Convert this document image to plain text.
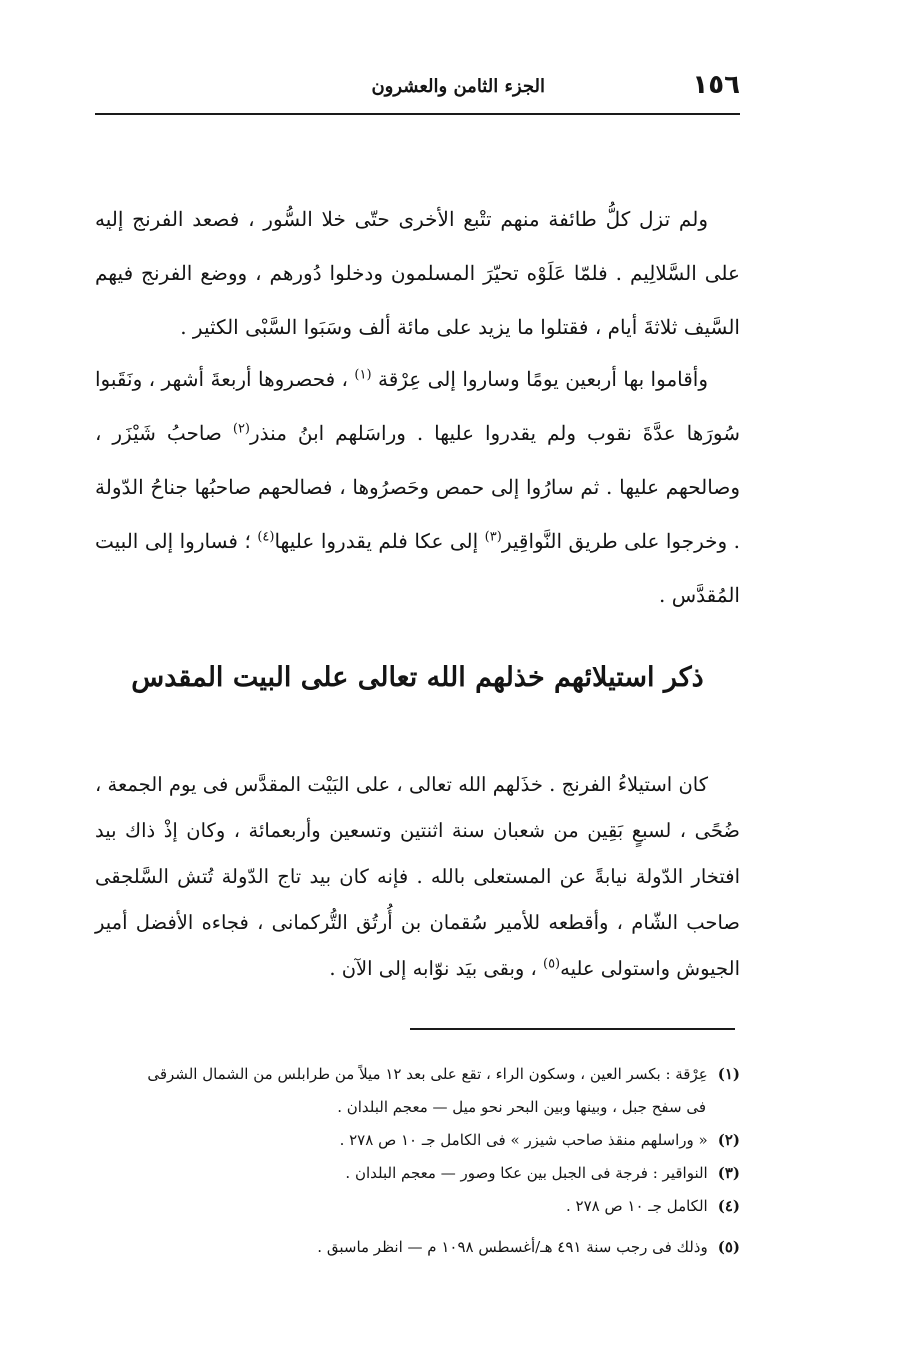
١٥٦
الجزء الثامن والعشرون

ولم تزل كلُّ طائفة منهم تتْبع الأخرى حتّى خلا السُّور ، فصعد الفرنج إليه على السَّلالِيم . فلمّا عَلَوْه تحيّرَ المسلمون ودخلوا دُورهم ، ووضع الفرنج فيهم السَّيف ثلاثةَ أيام ، فقتلوا ما يزيد على مائة ألف وسَبَوا السَّبْى الكثير .

وأقاموا بها أربعين يومًا وساروا إلى عِرْقة $^{(١)}$ ، فحصروها أربعةَ أشهر ، ونَقَبوا سُورَها عدَّةَ نقوب ولم يقدروا عليها . وراسَلهم ابنُ منذر$^{(٢)}$ صاحبُ شَيْزَر ، وصالحهم عليها . ثم سارُوا إلى حمص وحَصرُوها ، فصالحهم صاحبُها جناحُ الدّولة . وخرجوا على طريق النَّواقِير$^{(٣)}$ إلى عكا فلم يقدروا عليها$^{(٤)}$ ؛ فساروا إلى البيت المُقدَّس .

ذكر استيلائهم خذلهم الله تعالى على البيت المقدس

كان استيلاءُ الفرنج . خذَلهم الله تعالى ، على البَيْت المقدَّس فى يوم الجمعة ، ضُحًى ، لسبعٍ بَقِين من شعبان سنة اثنتين وتسعين وأربعمائة ، وكان إذْ ذاك بيد افتخار الدّولة نيابةً عن المستعلى بالله . فإنه كان بيد تاج الدّولة تُتش السَّلجقى صاحب الشّام ، وأقطعه للأمير سُقمان بن أُرتُق التُّركمانى ، فجاءه الأفضل أمير الجيوش واستولى عليه$^{(٥)}$ ، وبقى بيَد نوّابه إلى الآن .

(١)
عِرْقة : بكسر العين ، وسكون الراء ، تقع على بعد ١٢ ميلاً من طرابلس من الشمال الشرقى
فى سفح جبل ، وبينها وبين البحر نحو ميل — معجم البلدان .
(٢)
« وراسلهم منقذ صاحب شيزر » فى الكامل جـ ١٠ ص ٢٧٨ .
(٣)
النواقير : فرجة فى الجبل بين عكا وصور — معجم البلدان .
(٤)
الكامل جـ ١٠ ص ٢٧٨ .
(٥)
وذلك فى رجب سنة ٤٩١ هـ/أغسطس ١٠٩٨ م — انظر ماسبق .
